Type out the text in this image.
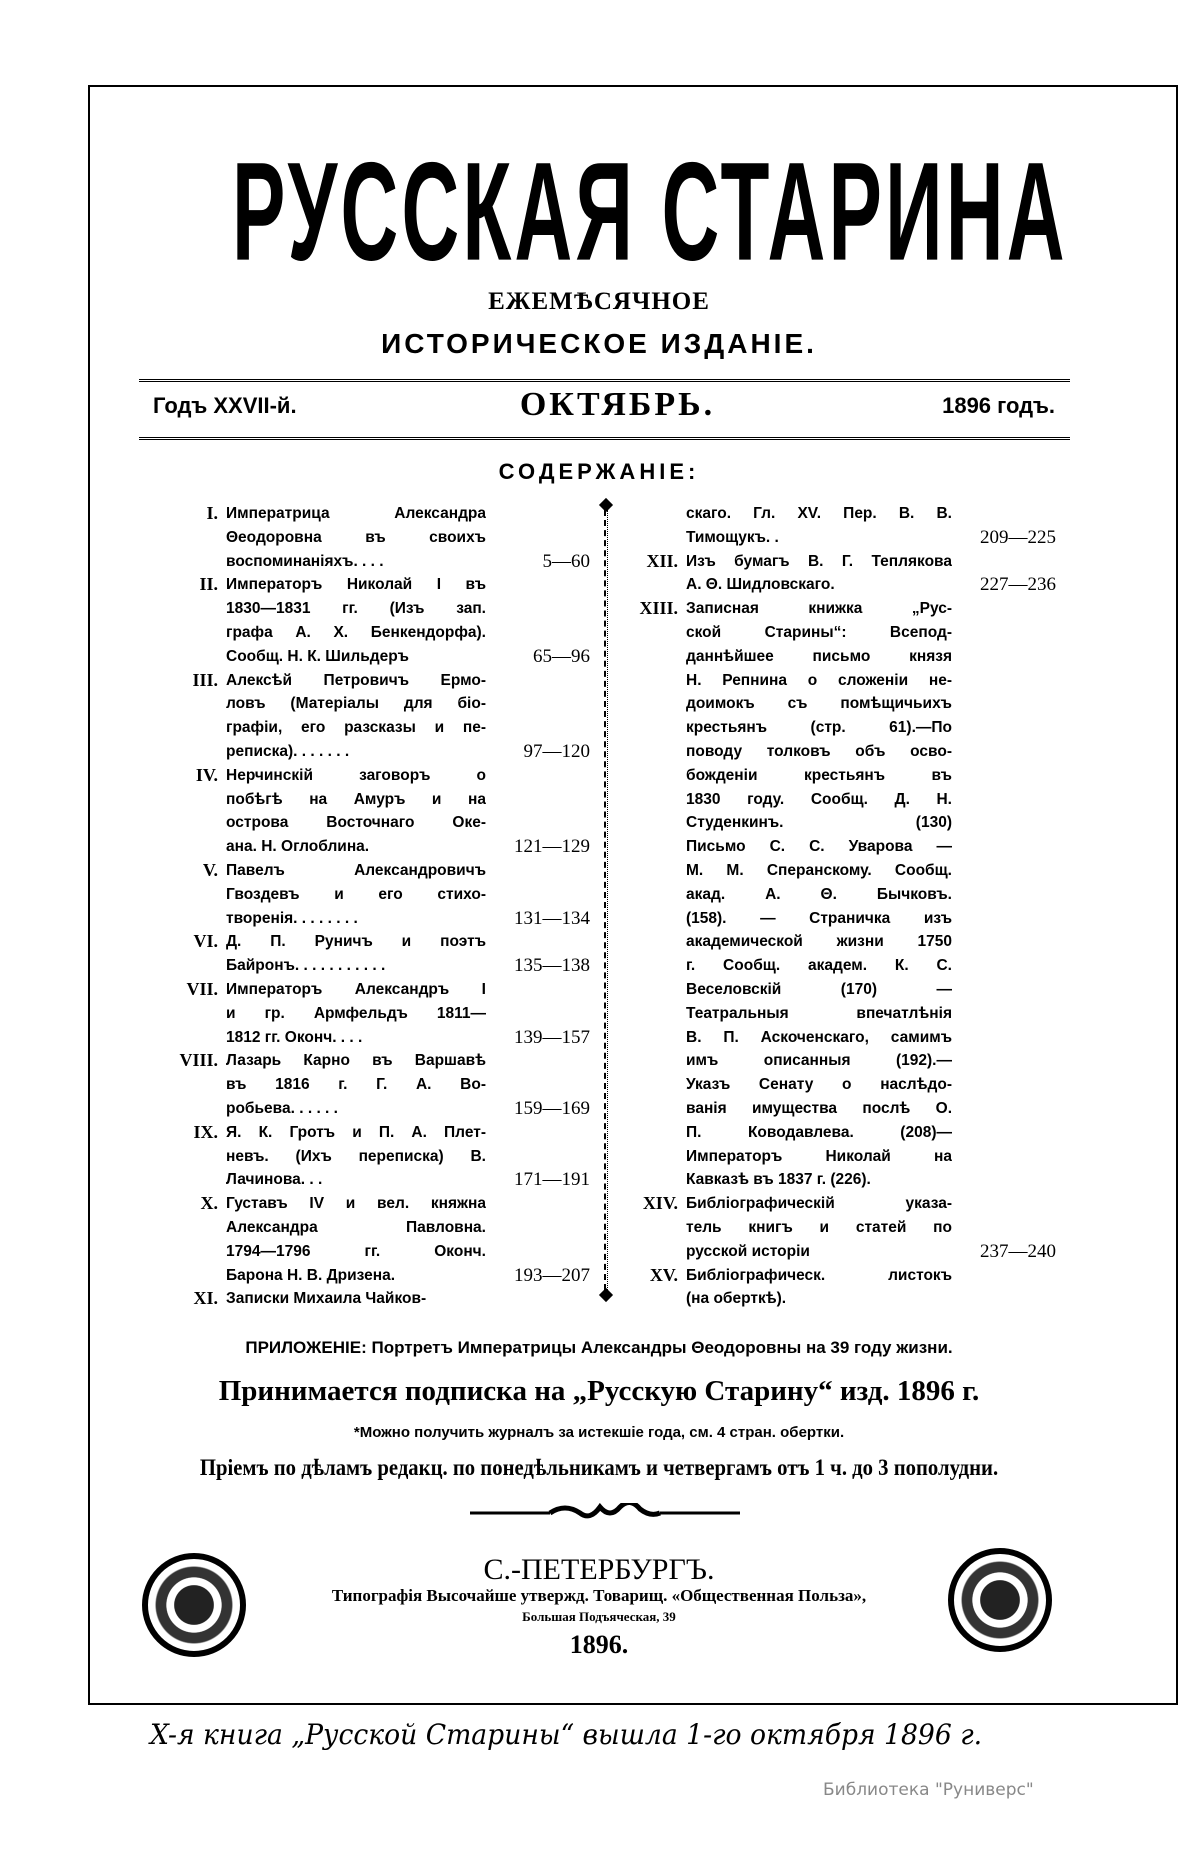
РУССКАЯ СТАРИНА
ЕЖЕМѢСЯЧНОЕ
ИСТОРИЧЕСКОЕ ИЗДАНІЕ.
Годъ XXVII-й.	ОКТЯБРЬ.	1896 годъ.
СОДЕРЖАНІЕ:
I. Императрица Александра
Θеодоровна въ своихъ
воспоминаніяхъ. . . .	5—60
II. Императоръ Николай I въ
1830—1831 гг. (Изъ зап.
графа А. Х. Бенкендорфа).
Сообщ. Н. К. Шильдеръ	65—96
III. Алексѣй Петровичъ Ермо-
ловъ (Матеріалы для біо-
графіи, его разсказы и пе-
реписка). . . . . . .	97—120
IV. Нерчинскій заговоръ о
побѣгѣ на Амуръ и на
острова Восточнаго Оке-
ана. Н. Оглоблина.	121—129
V. Павелъ Александровичъ
Гвоздевъ и его стихо-
творенія. . . . . . . .	131—134
VI. Д. П. Руничъ и поэтъ
Байронъ. . . . . . . . . . .	135—138
VII. Императоръ Александръ I
и гр. Армфельдъ 1811—
1812 гг. Оконч. . . .	139—157
VIII. Лазарь Карно въ Варшавѣ
въ 1816 г. Г. А. Во-
робьева. . . . . .	159—169
IX. Я. К. Гротъ и П. А. Плет-
невъ. (Ихъ переписка) В.
Лачинова. . .	171—191
X. Густавъ IV и вел. княжна
Александра Павловна.
1794—1796 гг. Оконч.
Барона Н. В. Дризена.	193—207
XI. Записки Михаила Чайков-
скаго. Гл. XV. Пер. В. В.
Тимощукъ. .	209—225
XII. Изъ бумагъ В. Г. Теплякова
А. Θ. Шидловскаго.	227—236
XIII. Записная книжка „Рус-
ской Старины“: Всепод-
даннѣйшее письмо князя
Н. Репнина о сложеніи не-
доимокъ съ помѣщичьихъ
крестьянъ (стр. 61).—По
поводу толковъ объ осво-
божденіи крестьянъ въ
1830 году. Сообщ. Д. Н.
Студенкинъ. (130)
Письмо С. С. Уварова —
М. М. Сперанскому. Сообщ.
акад. А. Θ. Бычковъ.
(158). — Страничка изъ
академической жизни 1750
г. Сообщ. академ. К. С.
Веселовскій (170) —
Театральныя впечатлѣнія
В. П. Аскоченскаго, самимъ
имъ описанныя (192).—
Указъ Сенату о наслѣдо-
ванія имущества послѣ О.
П. Ководавлева. (208)—
Императоръ Николай на
Кавказѣ въ 1837 г. (226).
XIV. Библіографическій указа-
тель книгъ и статей по
русской исторіи	237—240
XV. Библіографическ. листокъ
(на оберткѣ).
ПРИЛОЖЕНІЕ: Портретъ Императрицы Александры Θеодоровны на 39 году жизни.
Принимается подписка на „Русскую Старину“ изд. 1896 г.
*Можно получить журналъ за истекшіе года, см. 4 стран. обертки.
Пріемъ по дѣламъ редакц. по понедѣльникамъ и четвергамъ отъ 1 ч. до 3 пополудни.
С.-ПЕТЕРБУРГЪ.
Типографія Высочайше утвержд. Товарищ. «Общественная Польза»,
Большая Подъяческая, 39
1896.
X-я книга „Русской Старины“ вышла 1-го октября 1896 г.
Библиотека "Руниверс"
